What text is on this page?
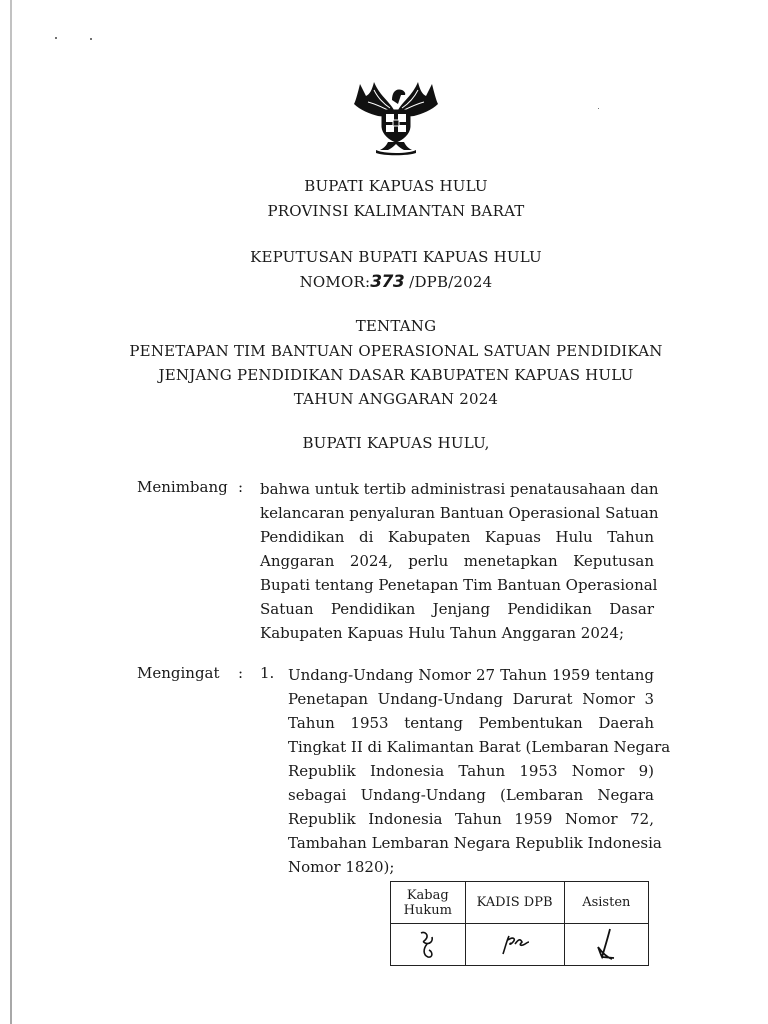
BUPATI KAPUAS HULU
PROVINSI KALIMANTAN BARAT
KEPUTUSAN BUPATI KAPUAS HULU
NOMOR:373 /DPB/2024
TENTANG
PENETAPAN TIM BANTUAN OPERASIONAL SATUAN PENDIDIKAN
JENJANG PENDIDIKAN DASAR KABUPATEN KAPUAS HULU
TAHUN ANGGARAN 2024
BUPATI KAPUAS HULU,
Menimbang : bahwa untuk tertib administrasi penatausahaan dan
kelancaran penyaluran Bantuan Operasional Satuan
Pendidikan di Kabupaten Kapuas Hulu Tahun
Anggaran 2024, perlu menetapkan Keputusan
Bupati tentang Penetapan Tim Bantuan Operasional
Satuan Pendidikan Jenjang Pendidikan Dasar
Kabupaten Kapuas Hulu Tahun Anggaran 2024;
Mengingat : 1. Undang-Undang Nomor 27 Tahun 1959 tentang
Penetapan Undang-Undang Darurat Nomor 3
Tahun 1953 tentang Pembentukan Daerah
Tingkat II di Kalimantan Barat (Lembaran Negara
Republik Indonesia Tahun 1953 Nomor 9)
sebagai Undang-Undang (Lembaran Negara
Republik Indonesia Tahun 1959 Nomor 72,
Tambahan Lembaran Negara Republik Indonesia
Nomor 1820);
Kabag Hukum	KADIS DPB	Asisten
